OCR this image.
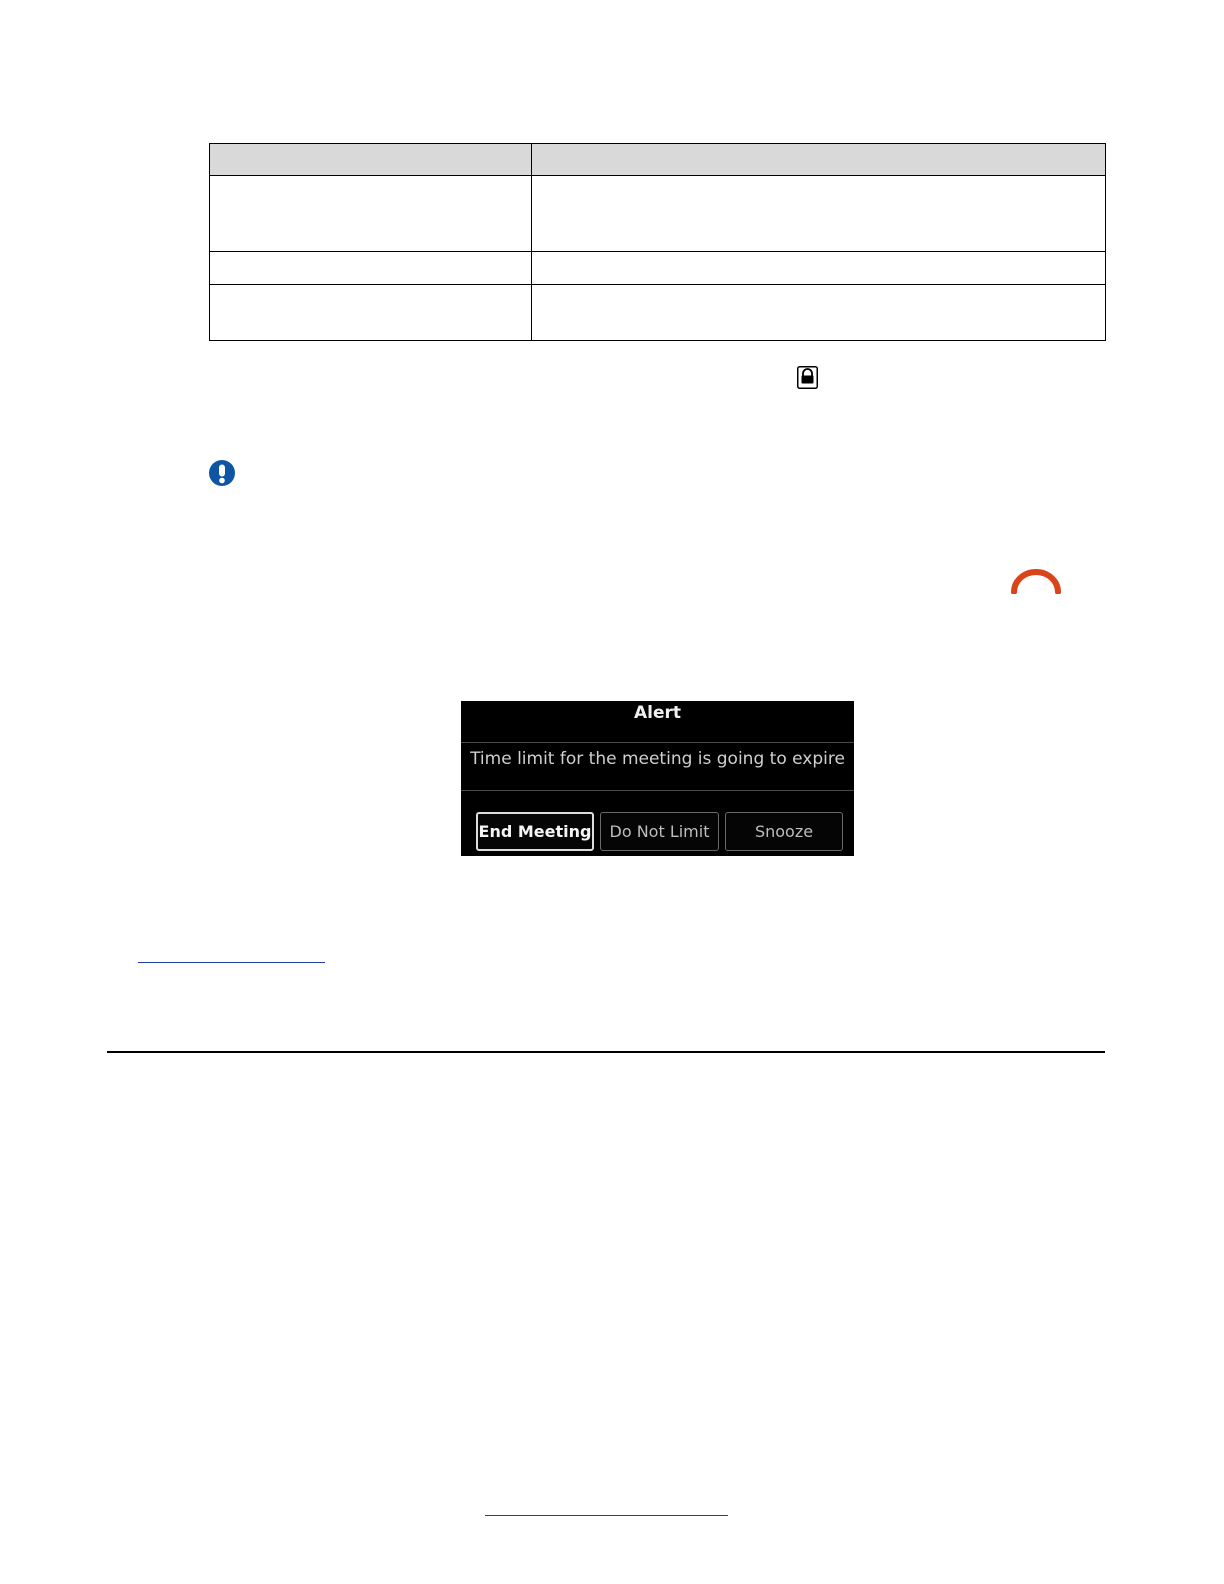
Alert
Time limit for the meeting is going to expire
End Meeting	Do Not Limit	Snooze
